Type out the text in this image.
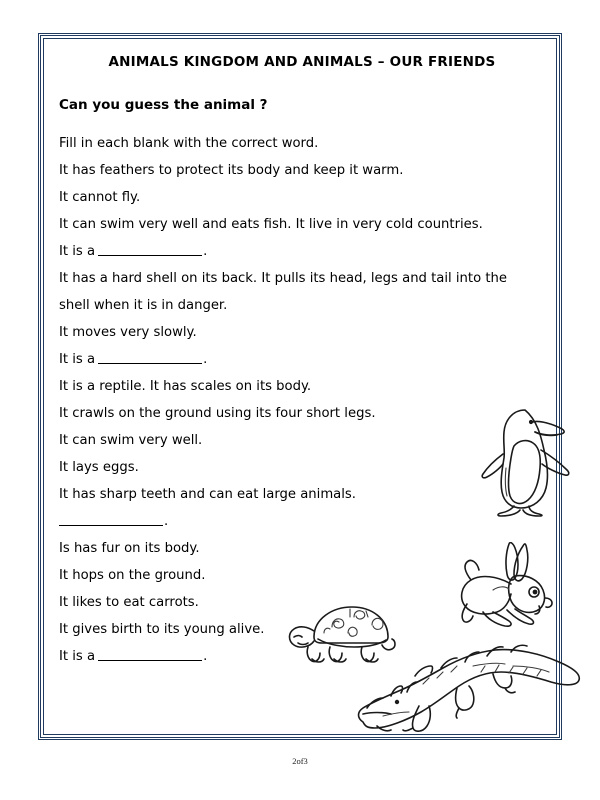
ANIMALS KINGDOM AND ANIMALS – OUR FRIENDS
Can you guess the animal ?
Fill in each blank with the correct word.
It has feathers to protect its body and keep it warm.
It cannot fly.
It can swim very well and eats fish. It live in very cold countries.
It is a	.
It has a hard shell on its back. It pulls its head, legs and tail into the shell when it is in danger.
It moves very slowly.
It is a	.
It is a reptile. It has scales on its body.
It crawls on the ground using its four short legs.
It can swim very well.
It lays eggs.
It has sharp teeth and can eat large animals.
.
Is has fur on its body.
It hops on the ground.
It likes to eat carrots.
It gives birth to its young alive.
It is a	.
2of3
